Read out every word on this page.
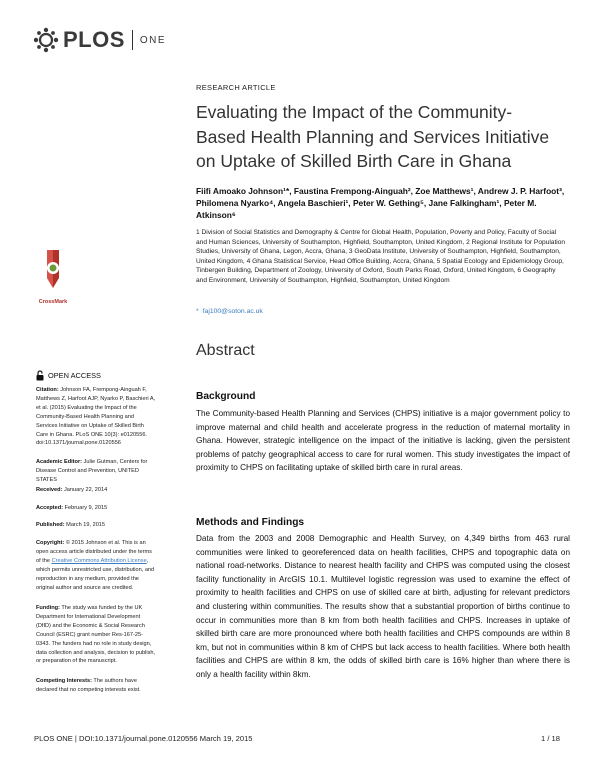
PLOS ONE
RESEARCH ARTICLE
Evaluating the Impact of the Community-Based Health Planning and Services Initiative on Uptake of Skilled Birth Care in Ghana
Fiifi Amoako Johnson¹*, Faustina Frempong-Ainguah², Zoe Matthews¹, Andrew J. P. Harfoot³, Philomena Nyarko⁴, Angela Baschieri¹, Peter W. Gething⁵, Jane Falkingham¹, Peter M. Atkinson⁶
1 Division of Social Statistics and Demography & Centre for Global Health, Population, Poverty and Policy, Faculty of Social and Human Sciences, University of Southampton, Highfield, Southampton, United Kingdom, 2 Regional Institute for Population Studies, University of Ghana, Legon, Accra, Ghana, 3 GeoData Institute, University of Southampton, Highfield, Southampton, United Kingdom, 4 Ghana Statistical Service, Head Office Building, Accra, Ghana, 5 Spatial Ecology and Epidemiology Group, Tinbergen Building, Department of Zoology, University of Oxford, South Parks Road, Oxford, United Kingdom, 6 Geography and Environment, University of Southampton, Highfield, Southampton, United Kingdom
* faj100@soton.ac.uk
Abstract
Background
The Community-based Health Planning and Services (CHPS) initiative is a major government policy to improve maternal and child health and accelerate progress in the reduction of maternal mortality in Ghana. However, strategic intelligence on the impact of the initiative is lacking, given the persistent problems of patchy geographical access to care for rural women. This study investigates the impact of proximity to CHPS on facilitating uptake of skilled birth care in rural areas.
Methods and Findings
Data from the 2003 and 2008 Demographic and Health Survey, on 4,349 births from 463 rural communities were linked to georeferenced data on health facilities, CHPS and topographic data on national road-networks. Distance to nearest health facility and CHPS was computed using the closest facility functionality in ArcGIS 10.1. Multilevel logistic regression was used to examine the effect of proximity to health facilities and CHPS on use of skilled care at birth, adjusting for relevant predictors and clustering within communities. The results show that a substantial proportion of births continue to occur in communities more than 8 km from both health facilities and CHPS. Increases in uptake of skilled birth care are more pronounced where both health facilities and CHPS compounds are within 8 km, but not in communities within 8 km of CHPS but lack access to health facilities. Where both health facilities and CHPS are within 8 km, the odds of skilled birth care is 16% higher than where there is only a health facility within 8km.
CrossMark
OPEN ACCESS
Citation: Johnson FA, Frempong-Ainguah F, Matthews Z, Harfoot AJP, Nyarko P, Baschieri A, et al. (2015) Evaluating the Impact of the Community-Based Health Planning and Services Initiative on Uptake of Skilled Birth Care in Ghana. PLoS ONE 10(3): e0120556. doi:10.1371/journal.pone.0120556
Academic Editor: Julie Gutman, Centers for Disease Control and Prevention, UNITED STATES
Received: January 22, 2014
Accepted: February 9, 2015
Published: March 19, 2015
Copyright: © 2015 Johnson et al. This is an open access article distributed under the terms of the Creative Commons Attribution License, which permits unrestricted use, distribution, and reproduction in any medium, provided the original author and source are credited.
Funding: The study was funded by the UK Department for International Development (DfID) and the Economic & Social Research Council (ESRC) grant number Res-167-25-0343. The funders had no role in study design, data collection and analysis, decision to publish, or preparation of the manuscript.
Competing Interests: The authors have declared that no competing interests exist.
PLOS ONE | DOI:10.1371/journal.pone.0120556 March 19, 2015	1 / 18
